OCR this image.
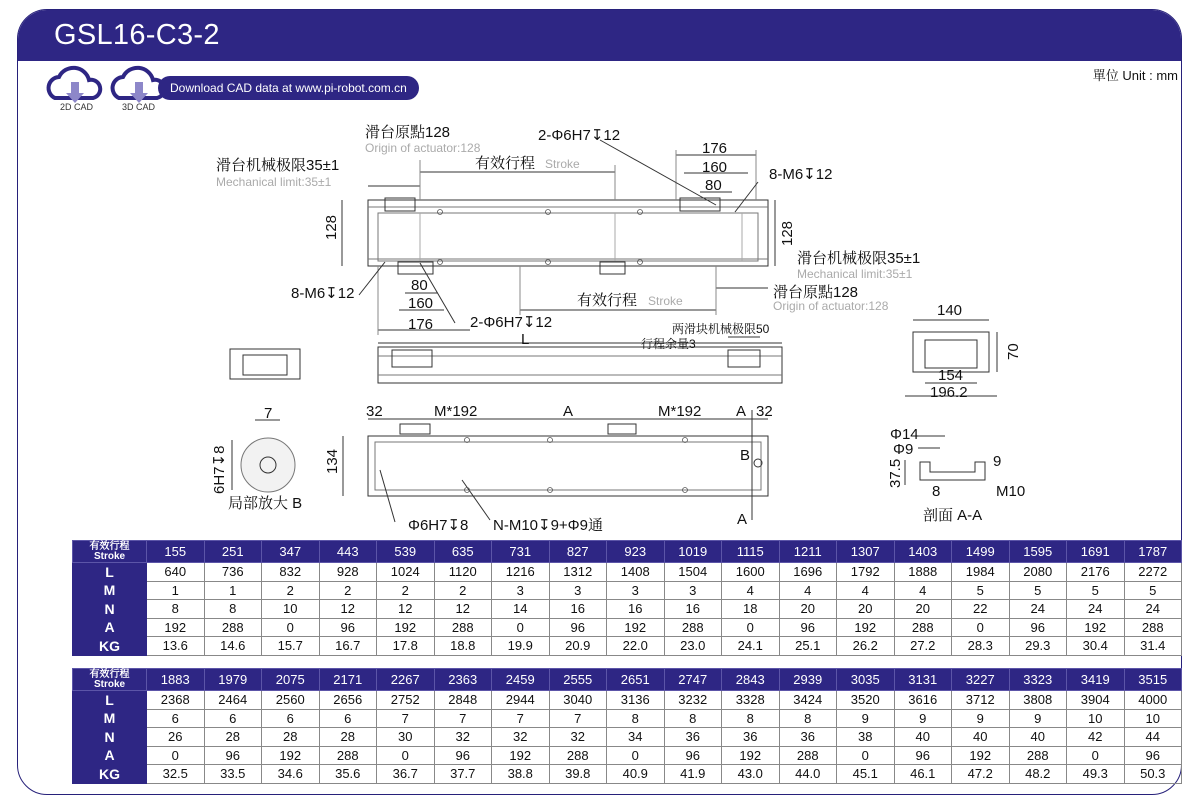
GSL16-C3-2
2D CAD	3D CAD
Download CAD data at www.pi-robot.com.cn
單位 Unit : mm
滑台原點128
Origin of actuator:128
2-Φ6H7↧12
滑台机械极限35±1
Mechanical limit:35±1
有效行程 Stroke
176
160
80
8-M6↧12
128	128
滑台机械极限35±1
Mechanical limit:35±1
滑台原點128
Origin of actuator:128
8-M6↧12	80
160
176 2-Φ6H7↧12
有效行程 Stroke
L
两滑块机械极限50
行程余量3
140
70
154
196.2
32	M*192	A	M*192 A 32
134	B
A
Φ6H7↧8 N-M10↧9+Φ9通
7
6H7↧8
局部放大 B
Φ14
Φ9
37.5
8
9
M10
剖面 A-A
有效行程
Stroke	155	251	347	443	539	635	731	827	923	1019	1115	1211	1307	1403	1499	1595	1691	1787
L	640	736	832	928	1024	1120	1216	1312	1408	1504	1600	1696	1792	1888	1984	2080	2176	2272
M	1	1	2	2	2	2	3	3	3	3	4	4	4	4	5	5	5	5
N	8	8	10	12	12	12	14	16	16	16	18	20	20	20	22	24	24	24
A	192	288	0	96	192	288	0	96	192	288	0	96	192	288	0	96	192	288
KG	13.6	14.6	15.7	16.7	17.8	18.8	19.9	20.9	22.0	23.0	24.1	25.1	26.2	27.2	28.3	29.3	30.4	31.4
有效行程
Stroke	1883	1979	2075	2171	2267	2363	2459	2555	2651	2747	2843	2939	3035	3131	3227	3323	3419	3515
L	2368	2464	2560	2656	2752	2848	2944	3040	3136	3232	3328	3424	3520	3616	3712	3808	3904	4000
M	6	6	6	6	7	7	7	7	8	8	8	8	9	9	9	9	10	10
N	26	28	28	28	30	32	32	32	34	36	36	36	38	40	40	40	42	44
A	0	96	192	288	0	96	192	288	0	96	192	288	0	96	192	288	0	96
KG	32.5	33.5	34.6	35.6	36.7	37.7	38.8	39.8	40.9	41.9	43.0	44.0	45.1	46.1	47.2	48.2	49.3	50.3
